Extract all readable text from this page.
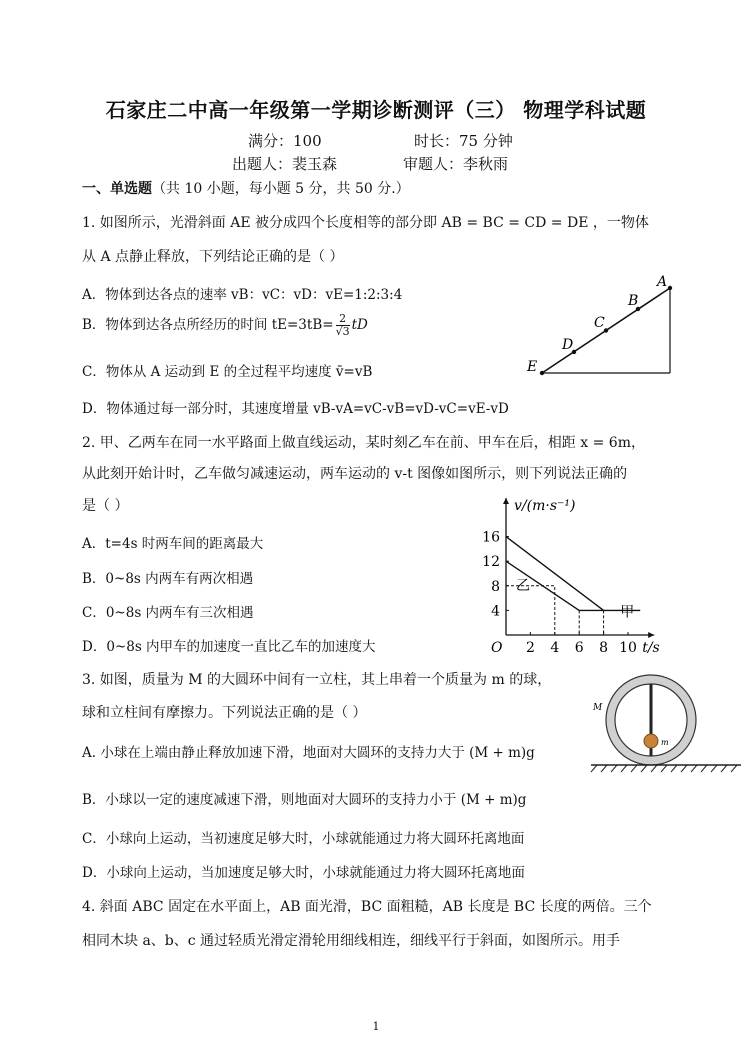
石家庄二中高一年级第一学期诊断测评（三） 物理学科试题
满分：100	时长：75 分钟
出题人：裴玉森	审题人：李秋雨
一、单选题（共 10 小题，每小题 5 分，共 50 分.）
1. 如图所示，光滑斜面 AE 被分成四个长度相等的部分即 AB = BC = CD = DE ，一物体
从 A 点静止释放，下列结论正确的是（ ）
A．物体到达各点的速率 vB：vC：vD：vE=1:2:3:4
B．物体到达各点所经历的时间 $tE=3tB= \frac{2}{√3}$ tD
C．物体从 A 运动到 E 的全过程平均速度 v̄=vB
D．物体通过每一部分时，其速度增量 vB-vA=vC-vB=vD-vC=vE-vD
A
B
C
D
E
2. 甲、乙两车在同一水平路面上做直线运动，某时刻乙车在前、甲车在后，相距 x = 6m，
从此刻开始计时，乙车做匀减速运动，两车运动的 v-t 图像如图所示，则下列说法正确的
是（ ）
A．t=4s 时两车间的距离最大
B．0~8s 内两车有两次相遇
C．0~8s 内两车有三次相遇
D．0~8s 内甲车的加速度一直比乙车的加速度大
v/(m·s⁻¹)
t/s
O 2 4 6 8 10
4
8
12
16
乙
甲
3. 如图，质量为 M 的大圆环中间有一立柱，其上串着一个质量为 m 的球，
球和立柱间有摩擦力。下列说法正确的是（ ）
A. 小球在上端由静止释放加速下滑，地面对大圆环的支持力大于 (M + m)g
B．小球以一定的速度减速下滑，则地面对大圆环的支持力小于 (M + m)g
C．小球向上运动，当初速度足够大时，小球就能通过力将大圆环托离地面
D．小球向上运动，当加速度足够大时，小球就能通过力将大圆环托离地面
M
m
4. 斜面 ABC 固定在水平面上，AB 面光滑，BC 面粗糙，AB 长度是 BC 长度的两倍。三个
相同木块 a、b、c 通过轻质光滑定滑轮用细线相连，细线平行于斜面，如图所示。用手
1
